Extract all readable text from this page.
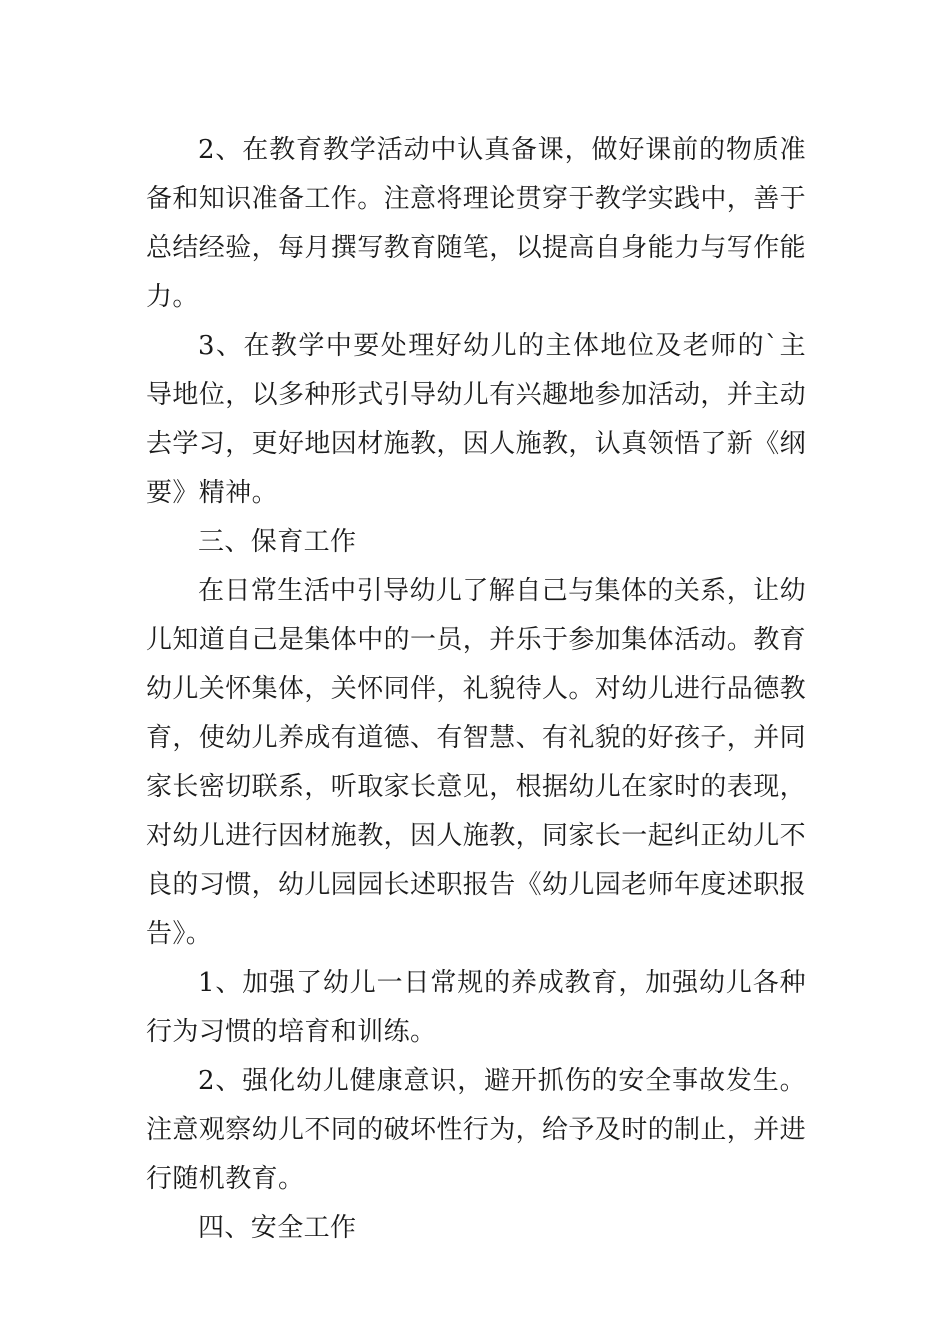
2、在教育教学活动中认真备课，做好课前的物质准备和知识准备工作。注意将理论贯穿于教学实践中，善于总结经验，每月撰写教育随笔，以提高自身能力与写作能力。

3、在教学中要处理好幼儿的主体地位及老师的`主导地位，以多种形式引导幼儿有兴趣地参加活动，并主动去学习，更好地因材施教，因人施教，认真领悟了新《纲要》精神。

三、保育工作

在日常生活中引导幼儿了解自己与集体的关系，让幼儿知道自己是集体中的一员，并乐于参加集体活动。教育幼儿关怀集体，关怀同伴，礼貌待人。对幼儿进行品德教育，使幼儿养成有道德、有智慧、有礼貌的好孩子，并同家长密切联系，听取家长意见，根据幼儿在家时的表现，对幼儿进行因材施教，因人施教，同家长一起纠正幼儿不良的习惯，幼儿园园长述职报告《幼儿园老师年度述职报告》。

1、加强了幼儿一日常规的养成教育，加强幼儿各种行为习惯的培育和训练。

2、强化幼儿健康意识，避开抓伤的安全事故发生。注意观察幼儿不同的破坏性行为，给予及时的制止，并进行随机教育。

四、安全工作
